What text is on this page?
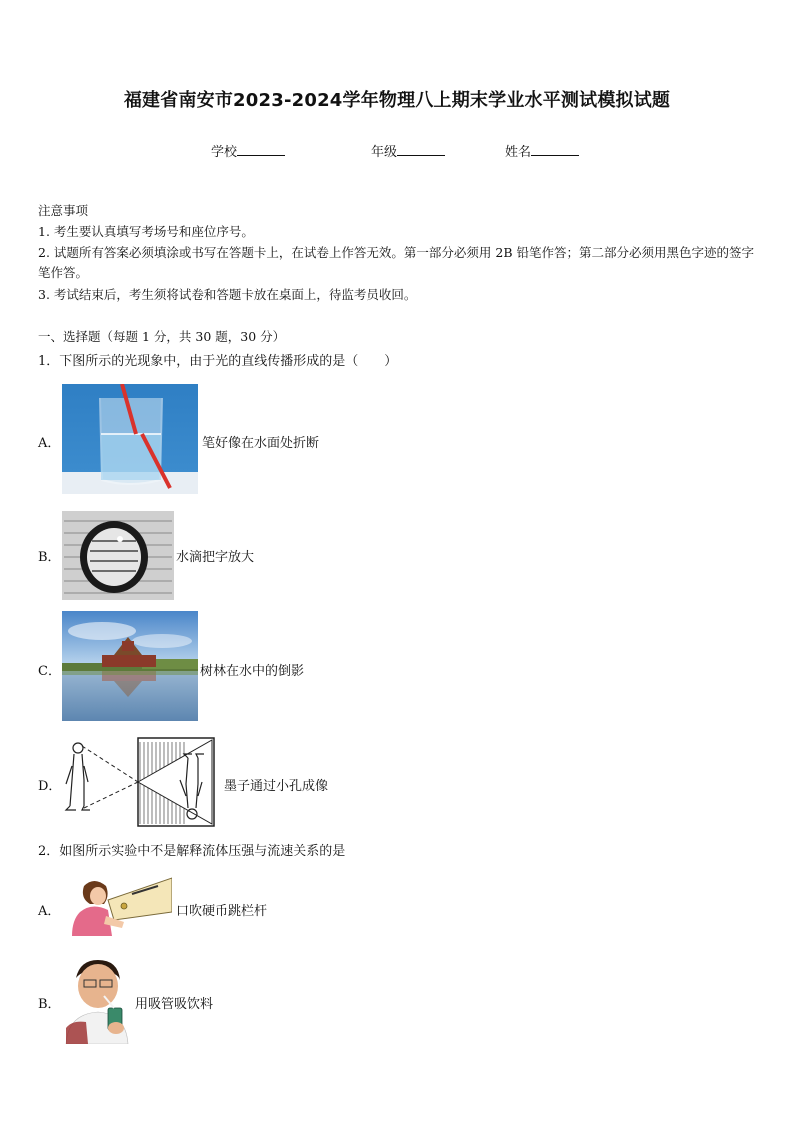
福建省南安市2023-2024学年物理八上期末学业水平测试模拟试题
学校	年级	姓名
注意事项
1. 考生要认真填写考场号和座位序号。
2. 试题所有答案必须填涂或书写在答题卡上，在试卷上作答无效。第一部分必须用 2B 铅笔作答；第二部分必须用黑色字迹的签字笔作答。
3. 考试结束后，考生须将试卷和答题卡放在桌面上，待监考员收回。
一、选择题（每题 1 分，共 30 题，30 分）
1．下图所示的光现象中，由于光的直线传播形成的是（　　）
A．	笔好像在水面处折断
B．	水滴把字放大
C．	树林在水中的倒影
D．	墨子通过小孔成像
2．如图所示实验中不是解释流体压强与流速关系的是
A．	口吹硬币跳栏杆
B．	用吸管吸饮料
